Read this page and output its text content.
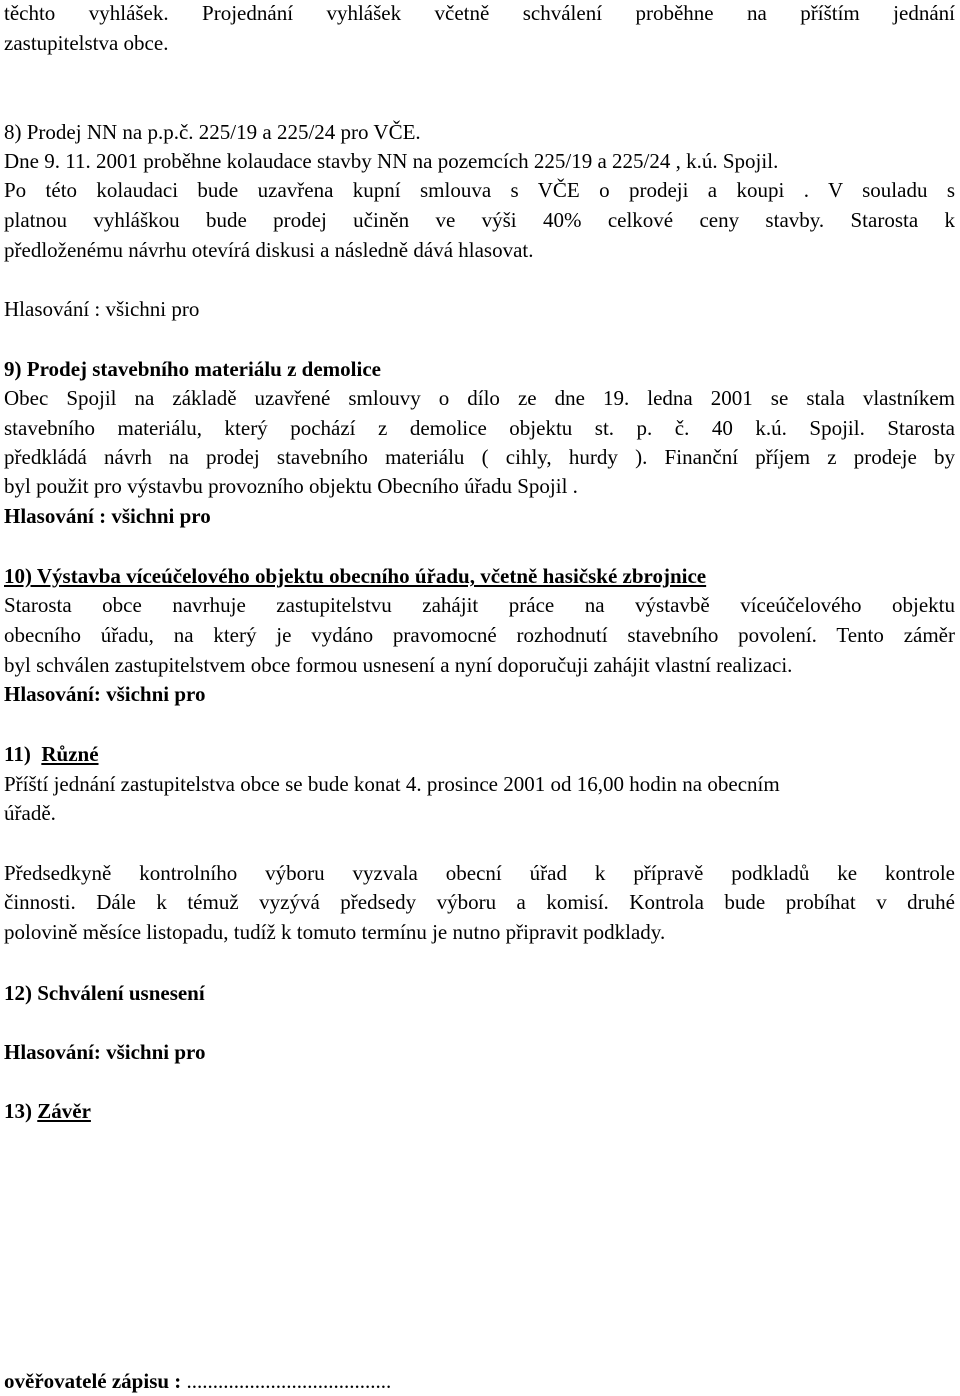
těchto vyhlášek. Projednání vyhlášek včetně schválení proběhne na příštím jednání
zastupitelstva obce.
8) Prodej NN na p.p.č. 225/19 a 225/24 pro VČE.
Dne 9. 11. 2001 proběhne kolaudace stavby NN na pozemcích 225/19 a 225/24 , k.ú. Spojil.
Po této kolaudaci bude uzavřena kupní smlouva s VČE o prodeji a koupi . V souladu s
platnou vyhláškou bude prodej učiněn ve výši 40% celkové ceny stavby. Starosta k
předloženému návrhu otevírá diskusi a následně dává hlasovat.
Hlasování : všichni pro
9) Prodej stavebního materiálu z demolice
Obec Spojil na základě uzavřené smlouvy o dílo ze dne 19. ledna 2001 se stala vlastníkem
stavebního materiálu, který pochází z demolice objektu st. p. č. 40 k.ú. Spojil. Starosta
předkládá návrh na prodej stavebního materiálu ( cihly, hurdy ). Finanční příjem z prodeje by
byl použit pro výstavbu provozního objektu Obecního úřadu Spojil .
Hlasování : všichni pro
10) Výstavba víceúčelového objektu obecního úřadu, včetně hasičské zbrojnice
Starosta obce navrhuje zastupitelstvu zahájit práce na výstavbě víceúčelového objektu
obecního úřadu, na který je vydáno pravomocné rozhodnutí stavebního povolení. Tento záměr
byl schválen zastupitelstvem obce formou usnesení a nyní doporučuji zahájit vlastní realizaci.
Hlasování: všichni pro
11) Různé
Příští jednání zastupitelstva obce se bude konat 4. prosince 2001 od 16,00 hodin na obecním
úřadě.
Předsedkyně kontrolního výboru vyzvala obecní úřad k přípravě podkladů ke kontrole
činnosti. Dále k témuž vyzývá předsedy výboru a komisí. Kontrola bude probíhat v druhé
polovině měsíce listopadu, tudíž k tomuto termínu je nutno připravit podklady.
12) Schválení usnesení
Hlasování: všichni pro
13) Závěr
ověřovatelé zápisu : .......................................
